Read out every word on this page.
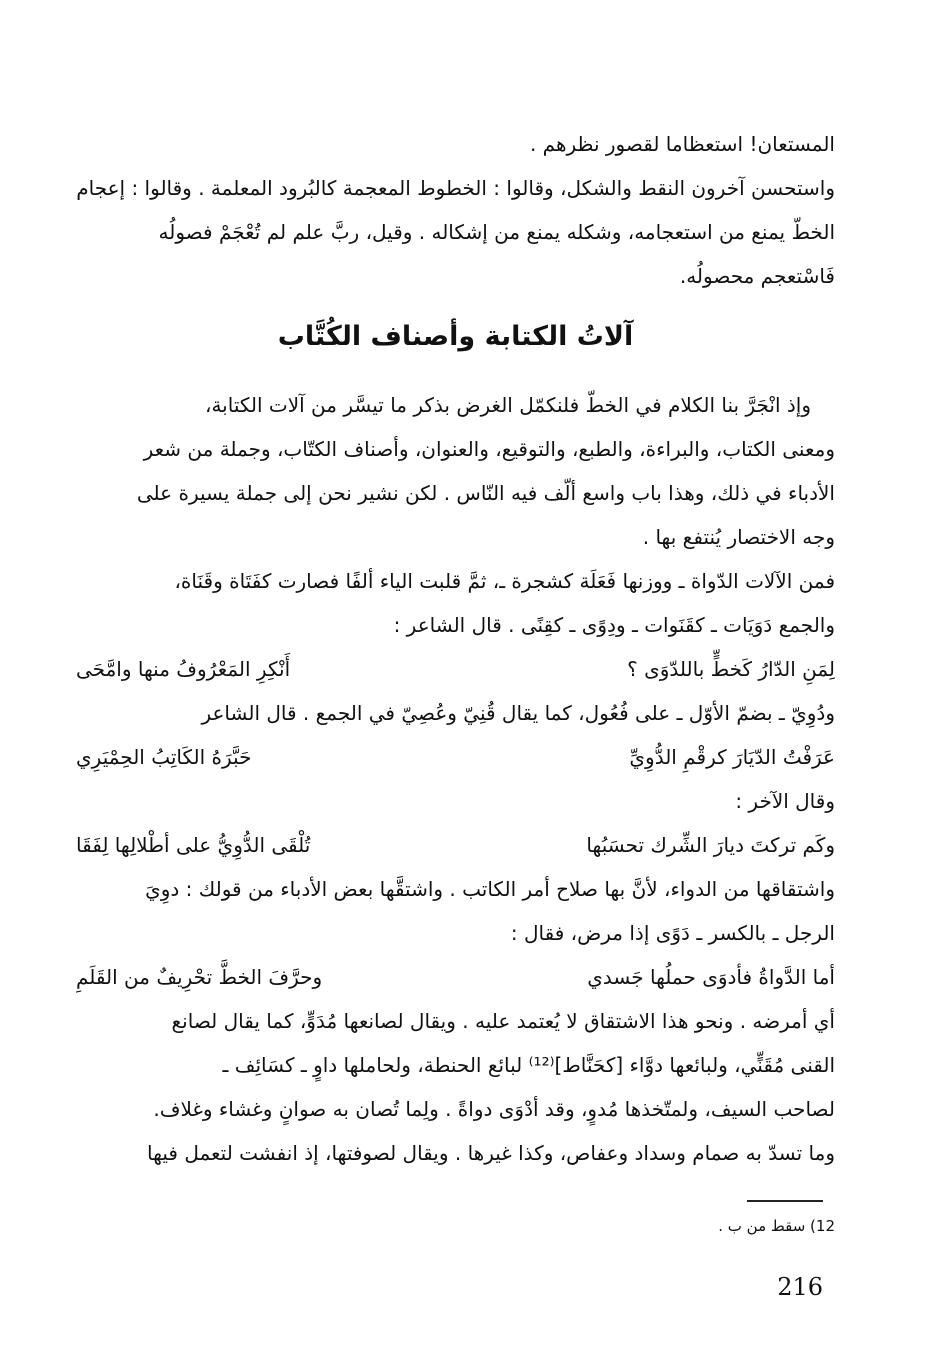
المستعان! استعظاما لقصور نظرهم .
واستحسن آخرون النقط والشكل، وقالوا : الخطوط المعجمة كالبُرود المعلمة . وقالوا : إعجام
الخطّ يمنع من استعجامه، وشكله يمنع من إشكاله . وقيل، ربَّ علم لم تُعْجَمْ فصولُه
فَاسْتعجم محصولُه.
آلاتُ الكتابة وأصناف الكُتَّاب
وإذ انْجَرَّ بنا الكلام في الخطّ فلنكمّل الغرض بذكر ما تيسَّر من آلات الكتابة،
ومعنى الكتاب، والبراءة، والطبع، والتوقيع، والعنوان، وأصناف الكتّاب، وجملة من شعر
الأدباء في ذلك، وهذا باب واسع ألّف فيه النّاس . لكن نشير نحن إلى جملة يسيرة على
وجه الاختصار يُنتفع بها .
فمن الآلات الدّواة ـ ووزنها فَعَلَة كشجرة ـ، ثمَّ قلبت الياء ألفًا فصارت كفَتَاة وقَنَاة،
والجمع دَوَيَات ـ كقَنَوات ـ ودِوًى ـ كقِنًى . قال الشاعر :
لِمَنِ الدّارُ كَخطٍّ باللدّوَى ؟
أَنْكِرِ المَعْرُوفُ منها وامَّحَى
ودُوِيّ ـ بضمّ الأوّل ـ على فُعُول، كما يقال قُنِيّ وعُصِيّ في الجمع . قال الشاعر
عَرَفْتُ الدّيَارَ كرقْمِ الدُّوِيِّ
حَبَّرَهُ الكَاتِبُ الحِمْيَرِي
وقال الآخر :
وكَم تركتَ ديارَ الشِّرك تحسَبُها
تُلْقَى الدُّوِيُّ على أطْلالِها لِفَقَا
واشتقاقها من الدواء، لأنَّ بها صلاح أمر الكاتب . واشتقَّها بعض الأدباء من قولك : دوِيَ
الرجل ـ بالكسر ـ دَوًى إذا مرض، فقال :
أما الدَّواةُ فأدوَى حملُها جَسدي
وحرَّفَ الخطَّ تحْرِيفٌ من القَلَمِ
أي أمرضه . ونحو هذا الاشتقاق لا يُعتمد عليه . ويقال لصانعها مُدَوٍّ، كما يقال لصانع
القنى مُقَنٍّي، ولبائعها دوَّاء [كحَنَّاط]⁽¹²⁾ لبائع الحنطة، ولحاملها داوٍ ـ كسَائِف ـ
لصاحب السيف، ولمتّخذها مُدوٍ، وقد أدْوَى دواةً . ولِما تُصان به صوانٍ وغشاء وغلاف.
وما تسدّ به صمام وسداد وعفاص، وكذا غيرها . ويقال لصوفتها، إذ انفشت لتعمل فيها
12) سقط من ب .
216
